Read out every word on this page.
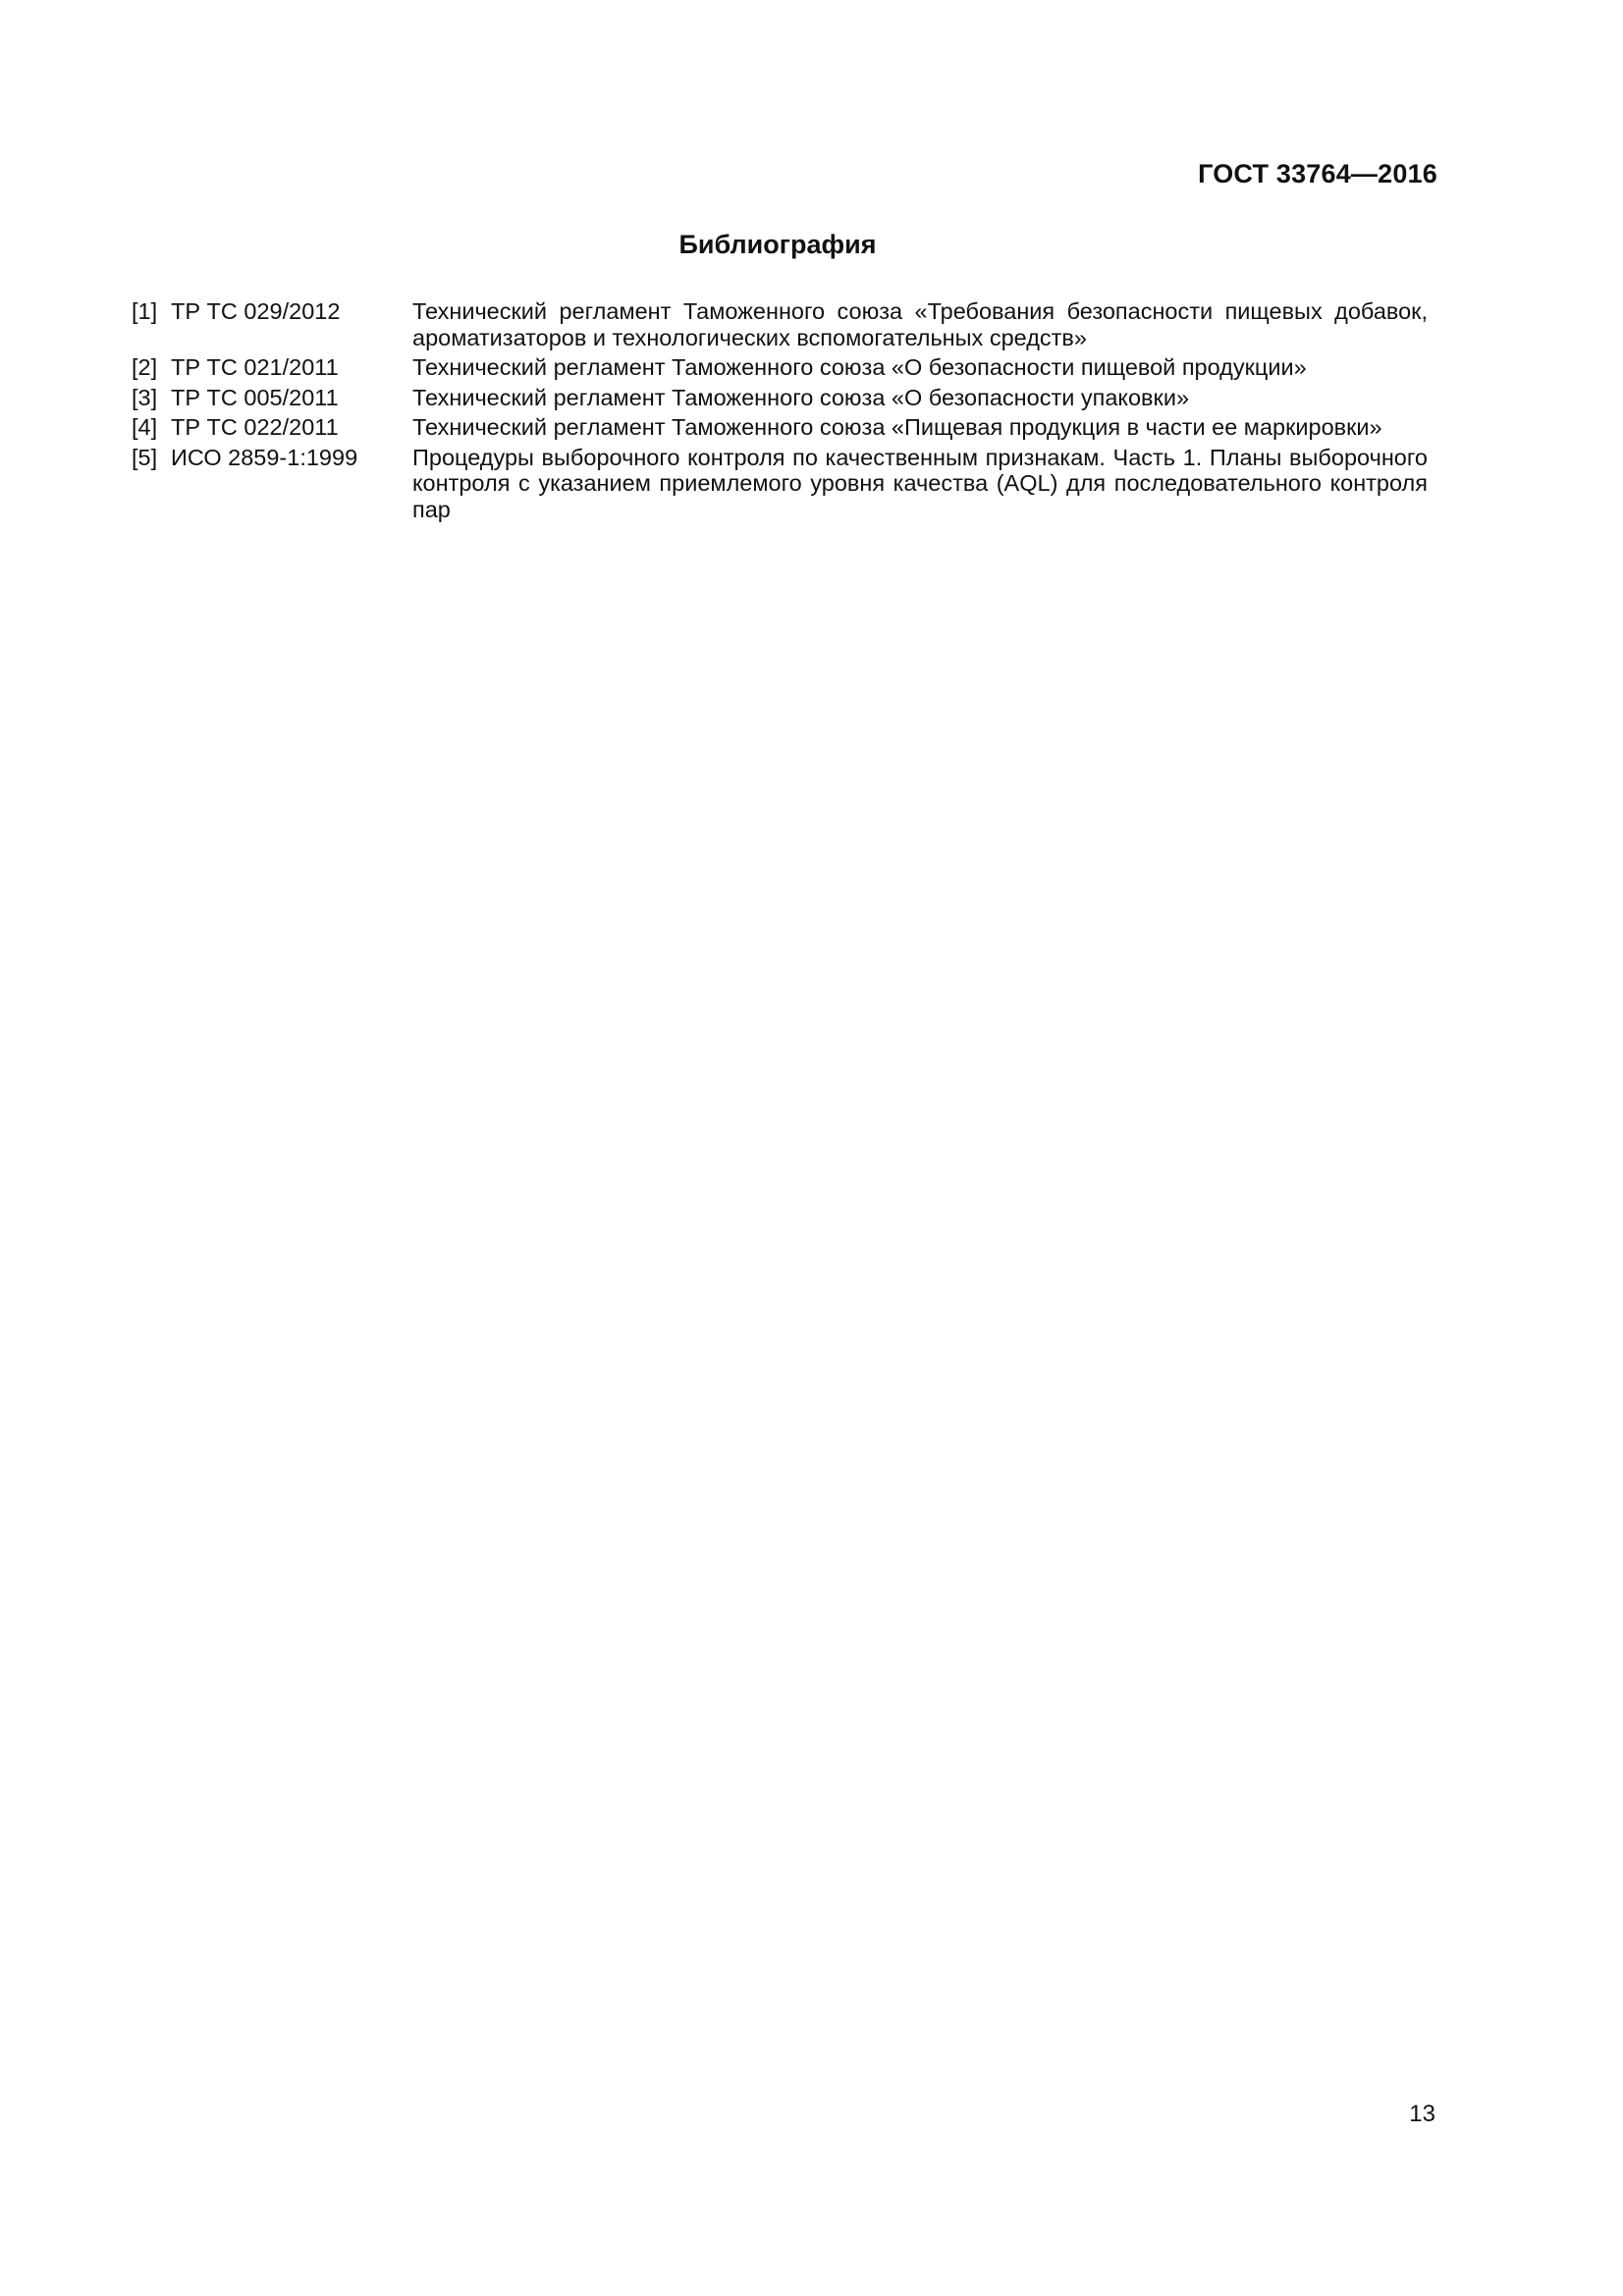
ГОСТ 33764—2016
Библиография
[1] ТР ТС 029/2012	Технический регламент Таможенного союза «Требования безопасности пищевых добавок, ароматизаторов и технологических вспомогательных средств»
[2] ТР ТС 021/2011	Технический регламент Таможенного союза «О безопасности пищевой продукции»
[3] ТР ТС 005/2011	Технический регламент Таможенного союза «О безопасности упаковки»
[4] ТР ТС 022/2011	Технический регламент Таможенного союза «Пищевая продукция в части ее маркировки»
[5] ИСО 2859-1:1999	Процедуры выборочного контроля по качественным признакам. Часть 1. Планы выборочного контроля с указанием приемлемого уровня качества (AQL) для последовательного контроля пар
13
